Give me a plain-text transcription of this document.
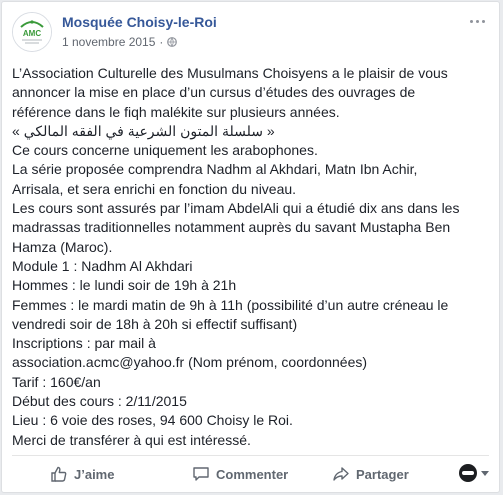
AMC
Mosquée Choisy-le-Roi
1 novembre 2015 ·
L’Association Culturelle des Musulmans Choisyens a le plaisir de vous
annoncer la mise en place d’un cursus d’études des ouvrages de
référence dans le fiqh malékite sur plusieurs années.
« سلسلة المتون الشرعية في الفقه المالكي »
Ce cours concerne uniquement les arabophones.
La série proposée comprendra Nadhm al Akhdari, Matn Ibn Achir,
Arrisala, et sera enrichi en fonction du niveau.
Les cours sont assurés par l’imam AbdelAli qui a étudié dix ans dans les
madrassas traditionnelles notamment auprès du savant Mustapha Ben
Hamza (Maroc).
Module 1 : Nadhm Al Akhdari
Hommes : le lundi soir de 19h à 21h
Femmes : le mardi matin de 9h à 11h (possibilité d’un autre créneau le
vendredi soir de 18h à 20h si effectif suffisant)
Inscriptions : par mail à
association.acmc@yahoo.fr (Nom prénom, coordonnées)
Tarif : 160€/an
Début des cours : 2/11/2015
Lieu : 6 voie des roses, 94 600 Choisy le Roi.
Merci de transférer à qui est intéressé.
J’aime	Commenter	Partager
